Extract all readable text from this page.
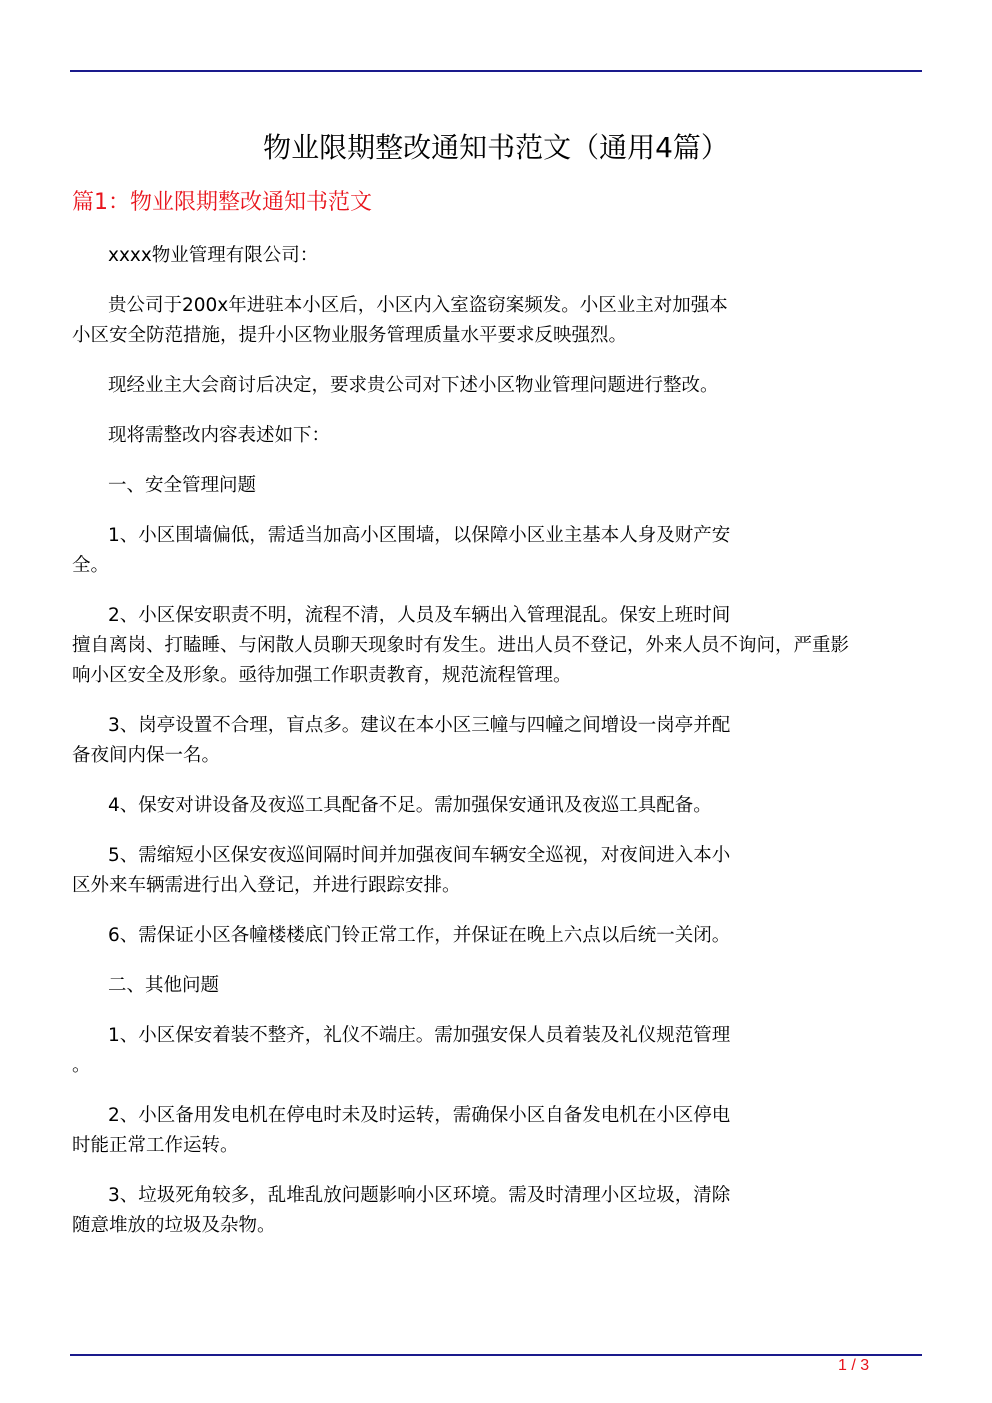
物业限期整改通知书范文（通用4篇）
篇1：物业限期整改通知书范文
xxxx物业管理有限公司：
贵公司于200x年进驻本小区后，小区内入室盗窃案频发。小区业主对加强本
小区安全防范措施，提升小区物业服务管理质量水平要求反映强烈。
现经业主大会商讨后决定，要求贵公司对下述小区物业管理问题进行整改。
现将需整改内容表述如下：
一、安全管理问题
1、小区围墙偏低，需适当加高小区围墙，以保障小区业主基本人身及财产安
全。
2、小区保安职责不明，流程不清，人员及车辆出入管理混乱。保安上班时间
擅自离岗、打瞌睡、与闲散人员聊天现象时有发生。进出人员不登记，外来人员不询问，严重影
响小区安全及形象。亟待加强工作职责教育，规范流程管理。
3、岗亭设置不合理，盲点多。建议在本小区三幢与四幢之间增设一岗亭并配
备夜间内保一名。
4、保安对讲设备及夜巡工具配备不足。需加强保安通讯及夜巡工具配备。
5、需缩短小区保安夜巡间隔时间并加强夜间车辆安全巡视，对夜间进入本小
区外来车辆需进行出入登记，并进行跟踪安排。
6、需保证小区各幢楼楼底门铃正常工作，并保证在晚上六点以后统一关闭。
二、其他问题
1、小区保安着装不整齐，礼仪不端庄。需加强安保人员着装及礼仪规范管理
。
2、小区备用发电机在停电时未及时运转，需确保小区自备发电机在小区停电
时能正常工作运转。
3、垃圾死角较多，乱堆乱放问题影响小区环境。需及时清理小区垃圾，清除
随意堆放的垃圾及杂物。
1 / 3
